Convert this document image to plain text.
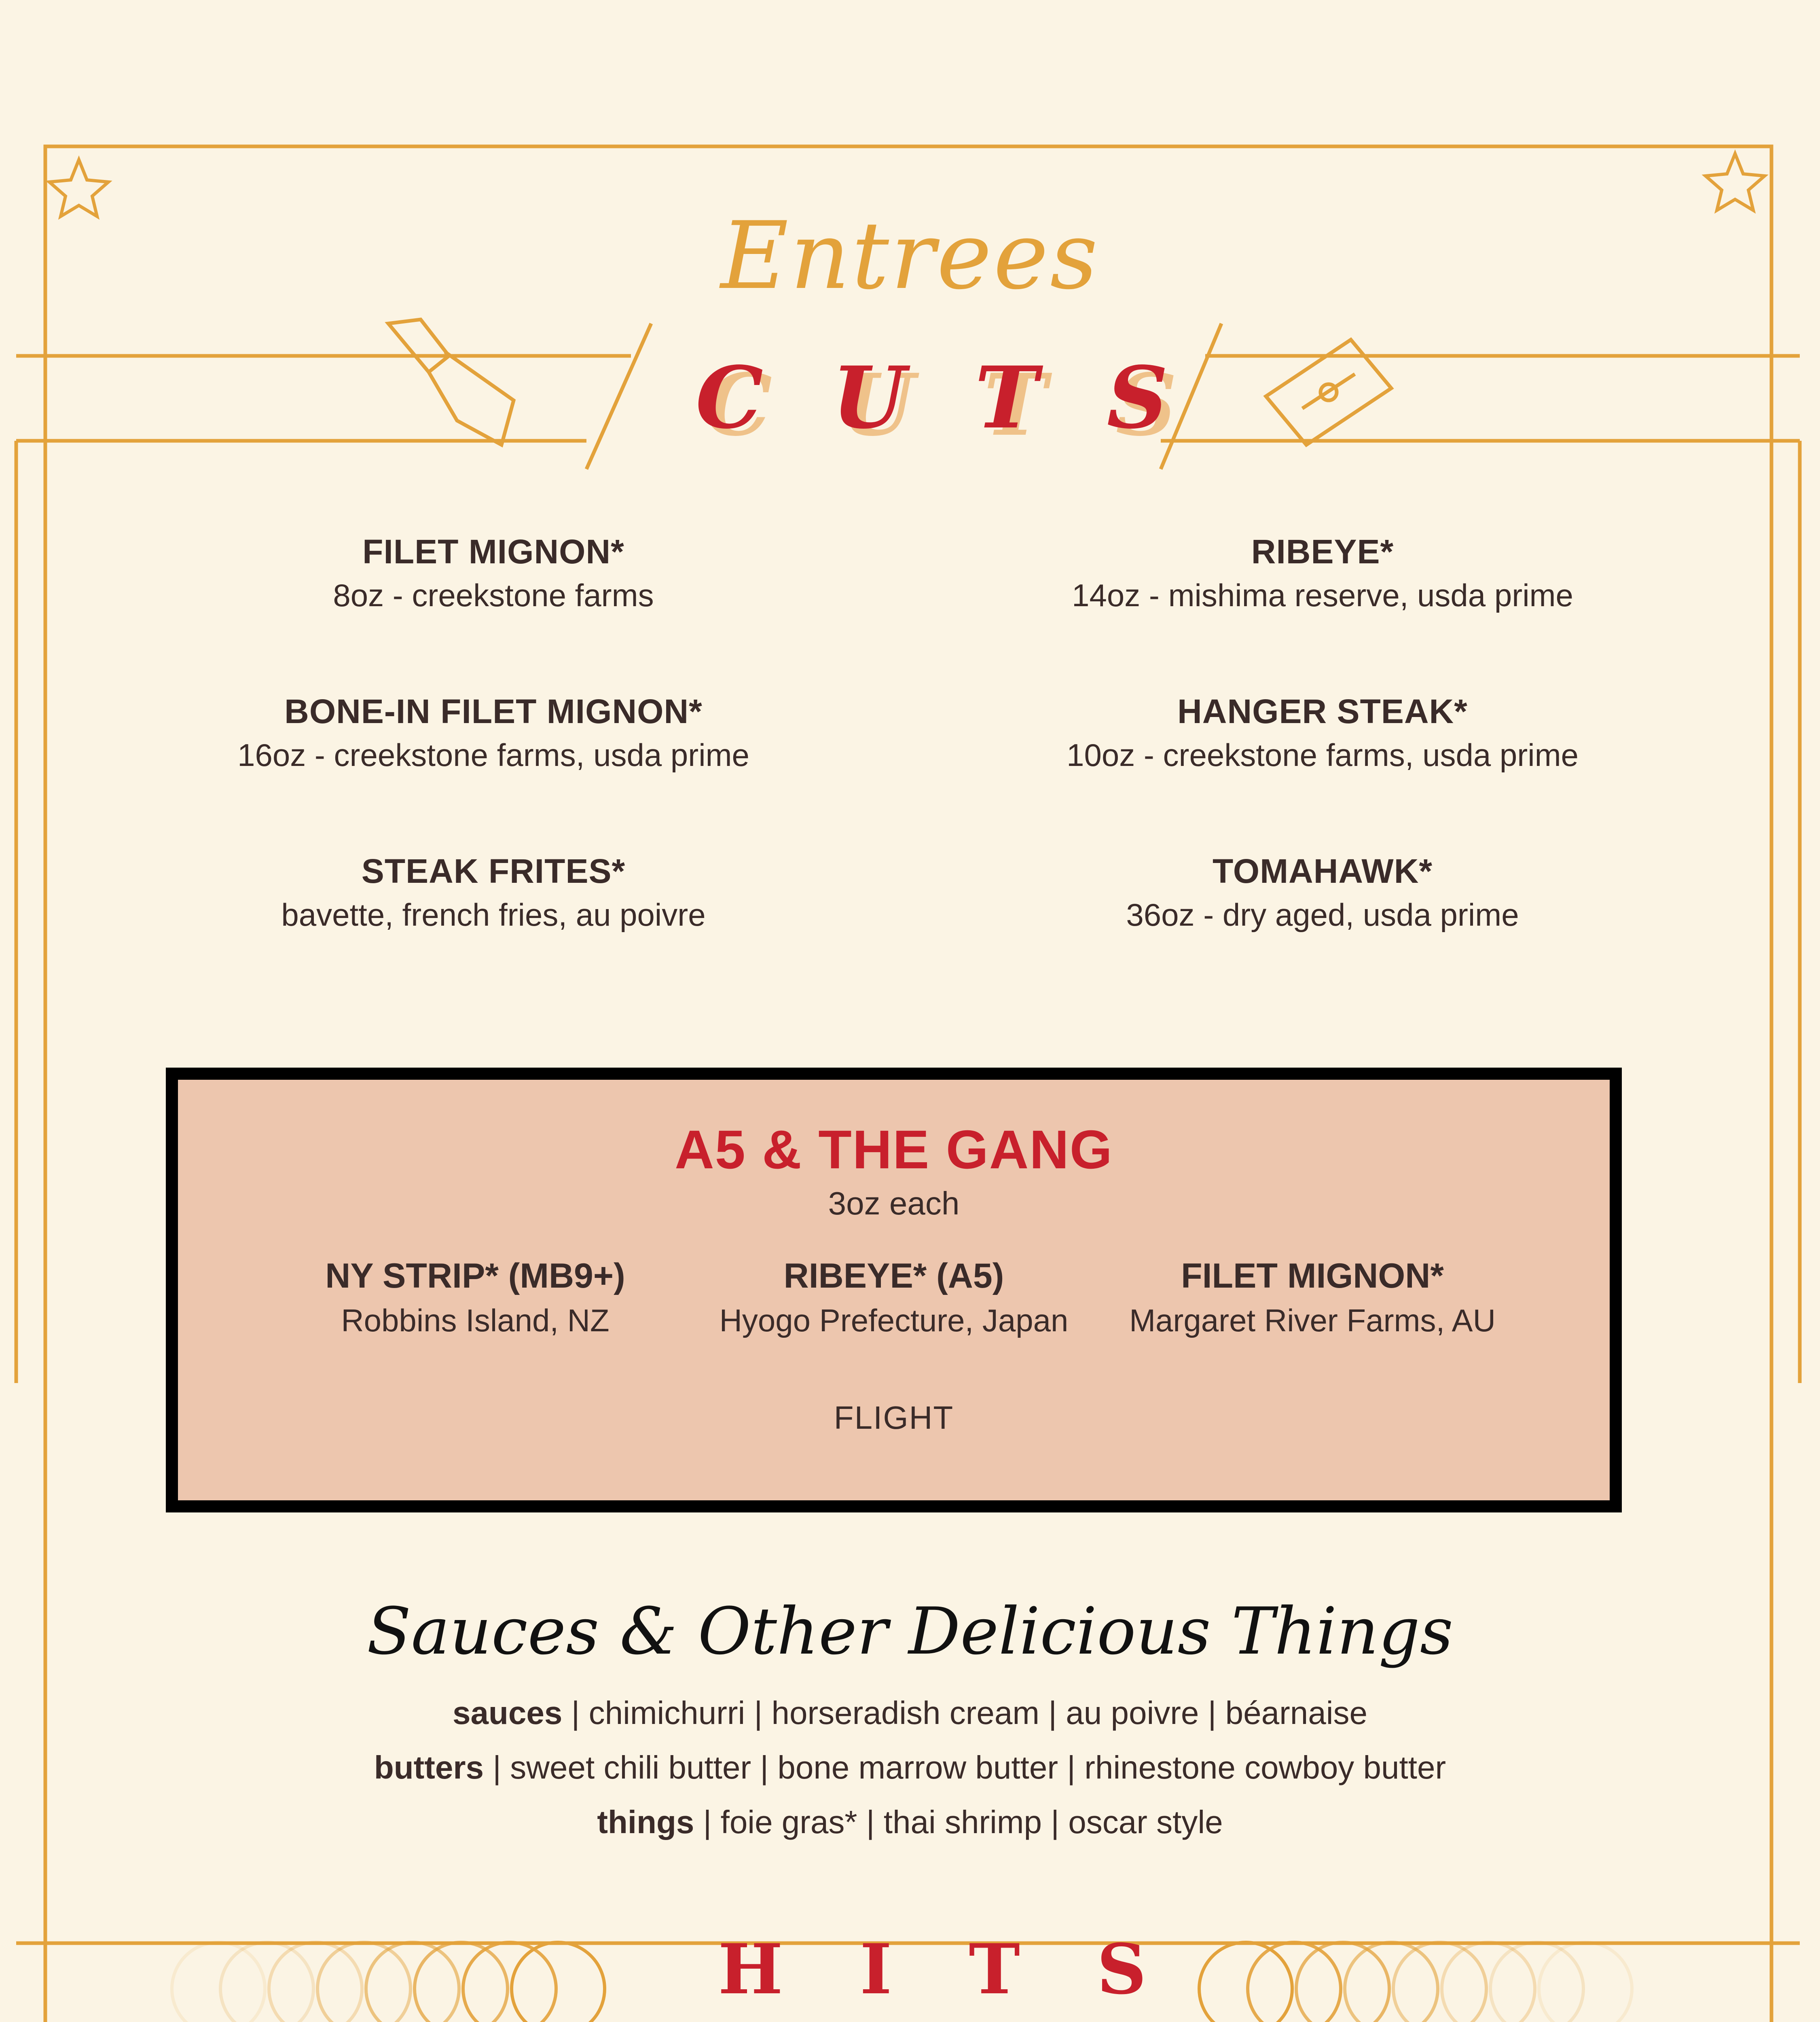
Entrees
CUTS
FILET MIGNON*
8oz - creekstone farms
RIBEYE*
14oz - mishima reserve, usda prime
BONE-IN FILET MIGNON*
16oz - creekstone farms, usda prime
HANGER STEAK*
10oz - creekstone farms, usda prime
STEAK FRITES*
bavette, french fries, au poivre
TOMAHAWK*
36oz - dry aged, usda prime
A5 & THE GANG
3oz each
NY STRIP* (MB9+)
Robbins Island, NZ
RIBEYE* (A5)
Hyogo Prefecture, Japan
FILET MIGNON*
Margaret River Farms, AU
FLIGHT
Sauces & Other Delicious Things
sauces | chimichurri | horseradish cream | au poivre | béarnaise
butters | sweet chili butter | bone marrow butter | rhinestone cowboy butter
things | foie gras* | thai shrimp | oscar style
HITS
